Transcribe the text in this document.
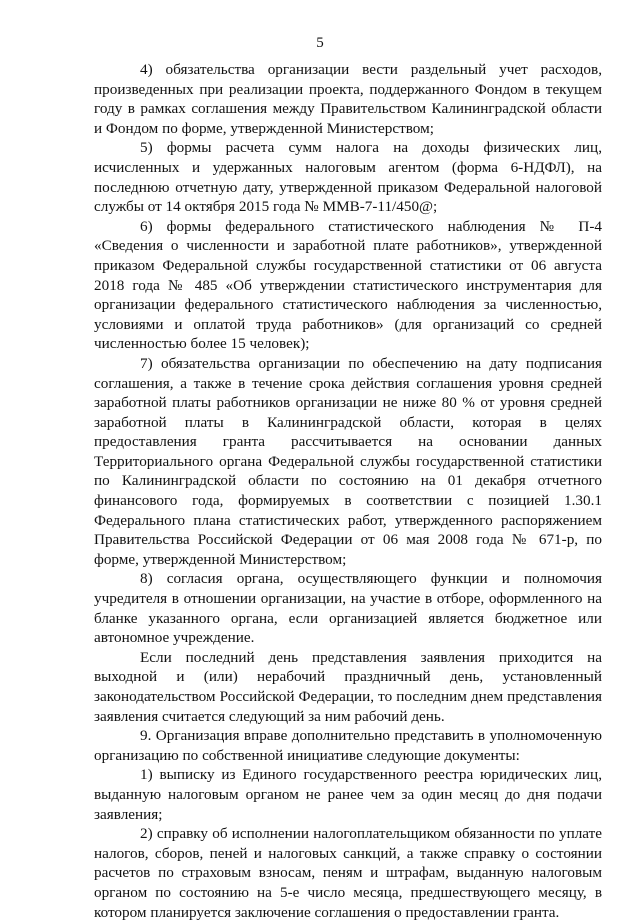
5

4) обязательства организации вести раздельный учет расходов, произведенных при реализации проекта, поддержанного Фондом в текущем году в рамках соглашения между Правительством Калининградской области и Фондом по форме, утвержденной Министерством;

5) формы расчета сумм налога на доходы физических лиц, исчисленных и удержанных налоговым агентом (форма 6-НДФЛ), на последнюю отчетную дату, утвержденной приказом Федеральной налоговой службы от 14 октября 2015 года № ММВ-7-11/450@;

6) формы федерального статистического наблюдения № П-4 «Сведения о численности и заработной плате работников», утвержденной приказом Федеральной службы государственной статистики от 06 августа 2018 года № 485 «Об утверждении статистического инструментария для организации федерального статистического наблюдения за численностью, условиями и оплатой труда работников» (для организаций со средней численностью более 15 человек);

7) обязательства организации по обеспечению на дату подписания соглашения, а также в течение срока действия соглашения уровня средней заработной платы работников организации не ниже 80 % от уровня средней заработной платы в Калининградской области, которая в целях предоставления гранта рассчитывается на основании данных Территориального органа Федеральной службы государственной статистики по Калининградской области по состоянию на 01 декабря отчетного финансового года, формируемых в соответствии с позицией 1.30.1 Федерального плана статистических работ, утвержденного распоряжением Правительства Российской Федерации от 06 мая 2008 года № 671-р, по форме, утвержденной Министерством;

8) согласия органа, осуществляющего функции и полномочия учредителя в отношении организации, на участие в отборе, оформленного на бланке указанного органа, если организацией является бюджетное или автономное учреждение.

Если последний день представления заявления приходится на выходной и (или) нерабочий праздничный день, установленный законодательством Российской Федерации, то последним днем представления заявления считается следующий за ним рабочий день.

9. Организация вправе дополнительно представить в уполномоченную организацию по собственной инициативе следующие документы:

1) выписку из Единого государственного реестра юридических лиц, выданную налоговым органом не ранее чем за один месяц до дня подачи заявления;

2) справку об исполнении налогоплательщиком обязанности по уплате налогов, сборов, пеней и налоговых санкций, а также справку о состоянии расчетов по страховым взносам, пеням и штрафам, выданную налоговым органом по состоянию на 5-е число месяца, предшествующего месяцу, в котором планируется заключение соглашения о предоставлении гранта.
